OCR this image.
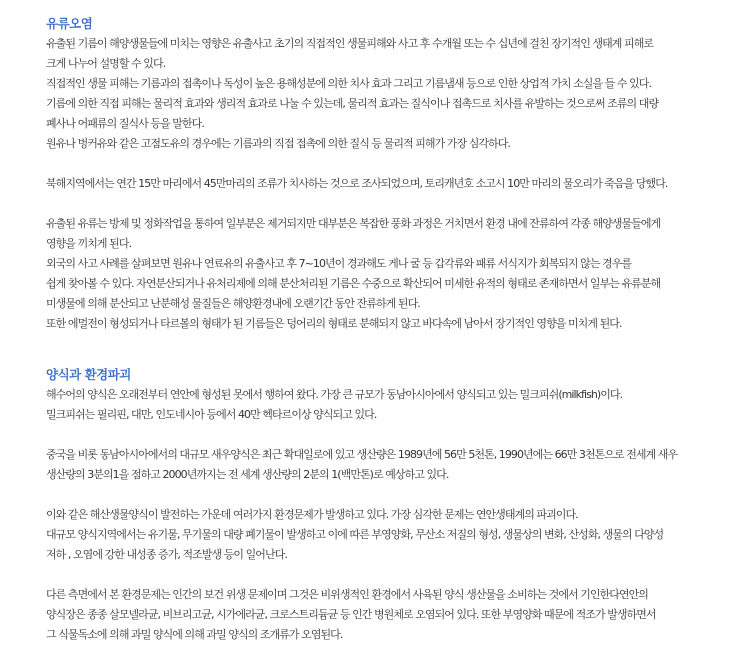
유류오염

유출된 기름이 해양생물들에 미치는 영향은 유출사고 초기의 직접적인 생물피해와 사고 후 수개월 또는 수 십년에 걸친 장기적인 생태계 피해로

크게 나누어 설명할 수 있다.

직접적인 생물 피해는 기름과의 접촉이나 독성이 높은 용해성분에 의한 치사 효과 그리고 기름냄새 등으로 인한 상업적 가치 소실을 들 수 있다.

기름에 의한 직접 피해는 물리적 효과와 생리적 효과로 나눌 수 있는데, 물리적 효과는 질식이나 접촉드로 치사를 유발하는 것으로써 조류의 대량

폐사나 어패류의 질식사 등을 말한다.

원유나 벙커유와 같은 고점도유의 경우에는 기름과의 직접 접촉에 의한 질식 등 물리적 피해가 가장 심각하다.

북해지역에서는 연간 15만 마리에서 45만마리의 조류가 치사하는 것으로 조사되었으며, 토리캐년호 소고시 10만 마리의 물오리가 죽음을 당했다.

유출된 유류는 방제 및 정화작업을 통하여 일부분은 제거되지만 대부분은 복잡한 풍화 과정은 거치면서 환경 내에 잔류하여 각종 해양생물들에게

영향을 끼치게 된다.

외국의 사고 사례를 살펴보면 원유나 연료유의 유출사고 후 7~10년이 경과해도 게나 굴 등 갑각류와 패류 서식지가 회복되지 않는 경우를

쉽게 찾아볼 수 있다. 자연분산되거나 유처리제에 의해 분산처리된 기름은 수중으로 확산되어 미세한 유적의 형태로 존재하면서 일부는 유류분해

미생물에 의해 분산되고 난분해성 물질들은 해양환경내에 오랜기간 동안 잔류하게 된다.

또한 에멀전이 형성되거나 타르볼의 형태가 된 기름들은 덩어리의 형태로 분해되지 않고 바다속에 남아서 장기적인 영향을 미치게 된다.

양식과 환경파괴

해수어의 양식은 오래전부터 연안에 형성된 못에서 행하여 왔다. 가장 큰 규모가 동남아시아에서 양식되고 있는 밀크피쉬(milkfish)이다.

밀크피쉬는 필리핀, 대만, 인도네시아 등에서 40만 헥타르이상 양식되고 있다.

중국을 비롯 동남아시아에서의 대규모 새우양식은 최근 확대일로에 있고 생산량은 1989년에 56만 5천톤, 1990년에는 66만 3천톤으로 전세계 새우

생산량의 3분의1을 점하고 2000년까지는 전 세계 생산량의 2분의 1(백만톤)로 예상하고 있다.

이와 같은 해산생물양식이 발전하는 가운데 여러가지 환경문제가 발생하고 있다. 가장 심각한 문제는 연안생태계의 파괴이다.

대규모 양식지역에서는 유기물, 무기물의 대량 폐기물이 발생하고 이에 따른 부영양화, 무산소 저질의 형성, 생물상의 변화, 산성화, 생물의 다양성

저하 , 오염에 강한 내성종 증가, 적조발생 등이 일어난다.

다른 측면에서 본 환경문제는 인간의 보건 위생 문제이며 그것은 비위생적인 환경에서 사육된 양식 생산물을 소비하는 것에서 기인한다연안의

양식장은 종종 살모넬라균, 비브리고균, 시가에라균, 크로스트리듐균 등 인간 병원체로 오염되어 있다. 또한 부영양화 때문에 적조가 발생하면서

그 식물독소에 의해 과밀 양식에 의해 과밀 양식의 조개류가 오염된다.
